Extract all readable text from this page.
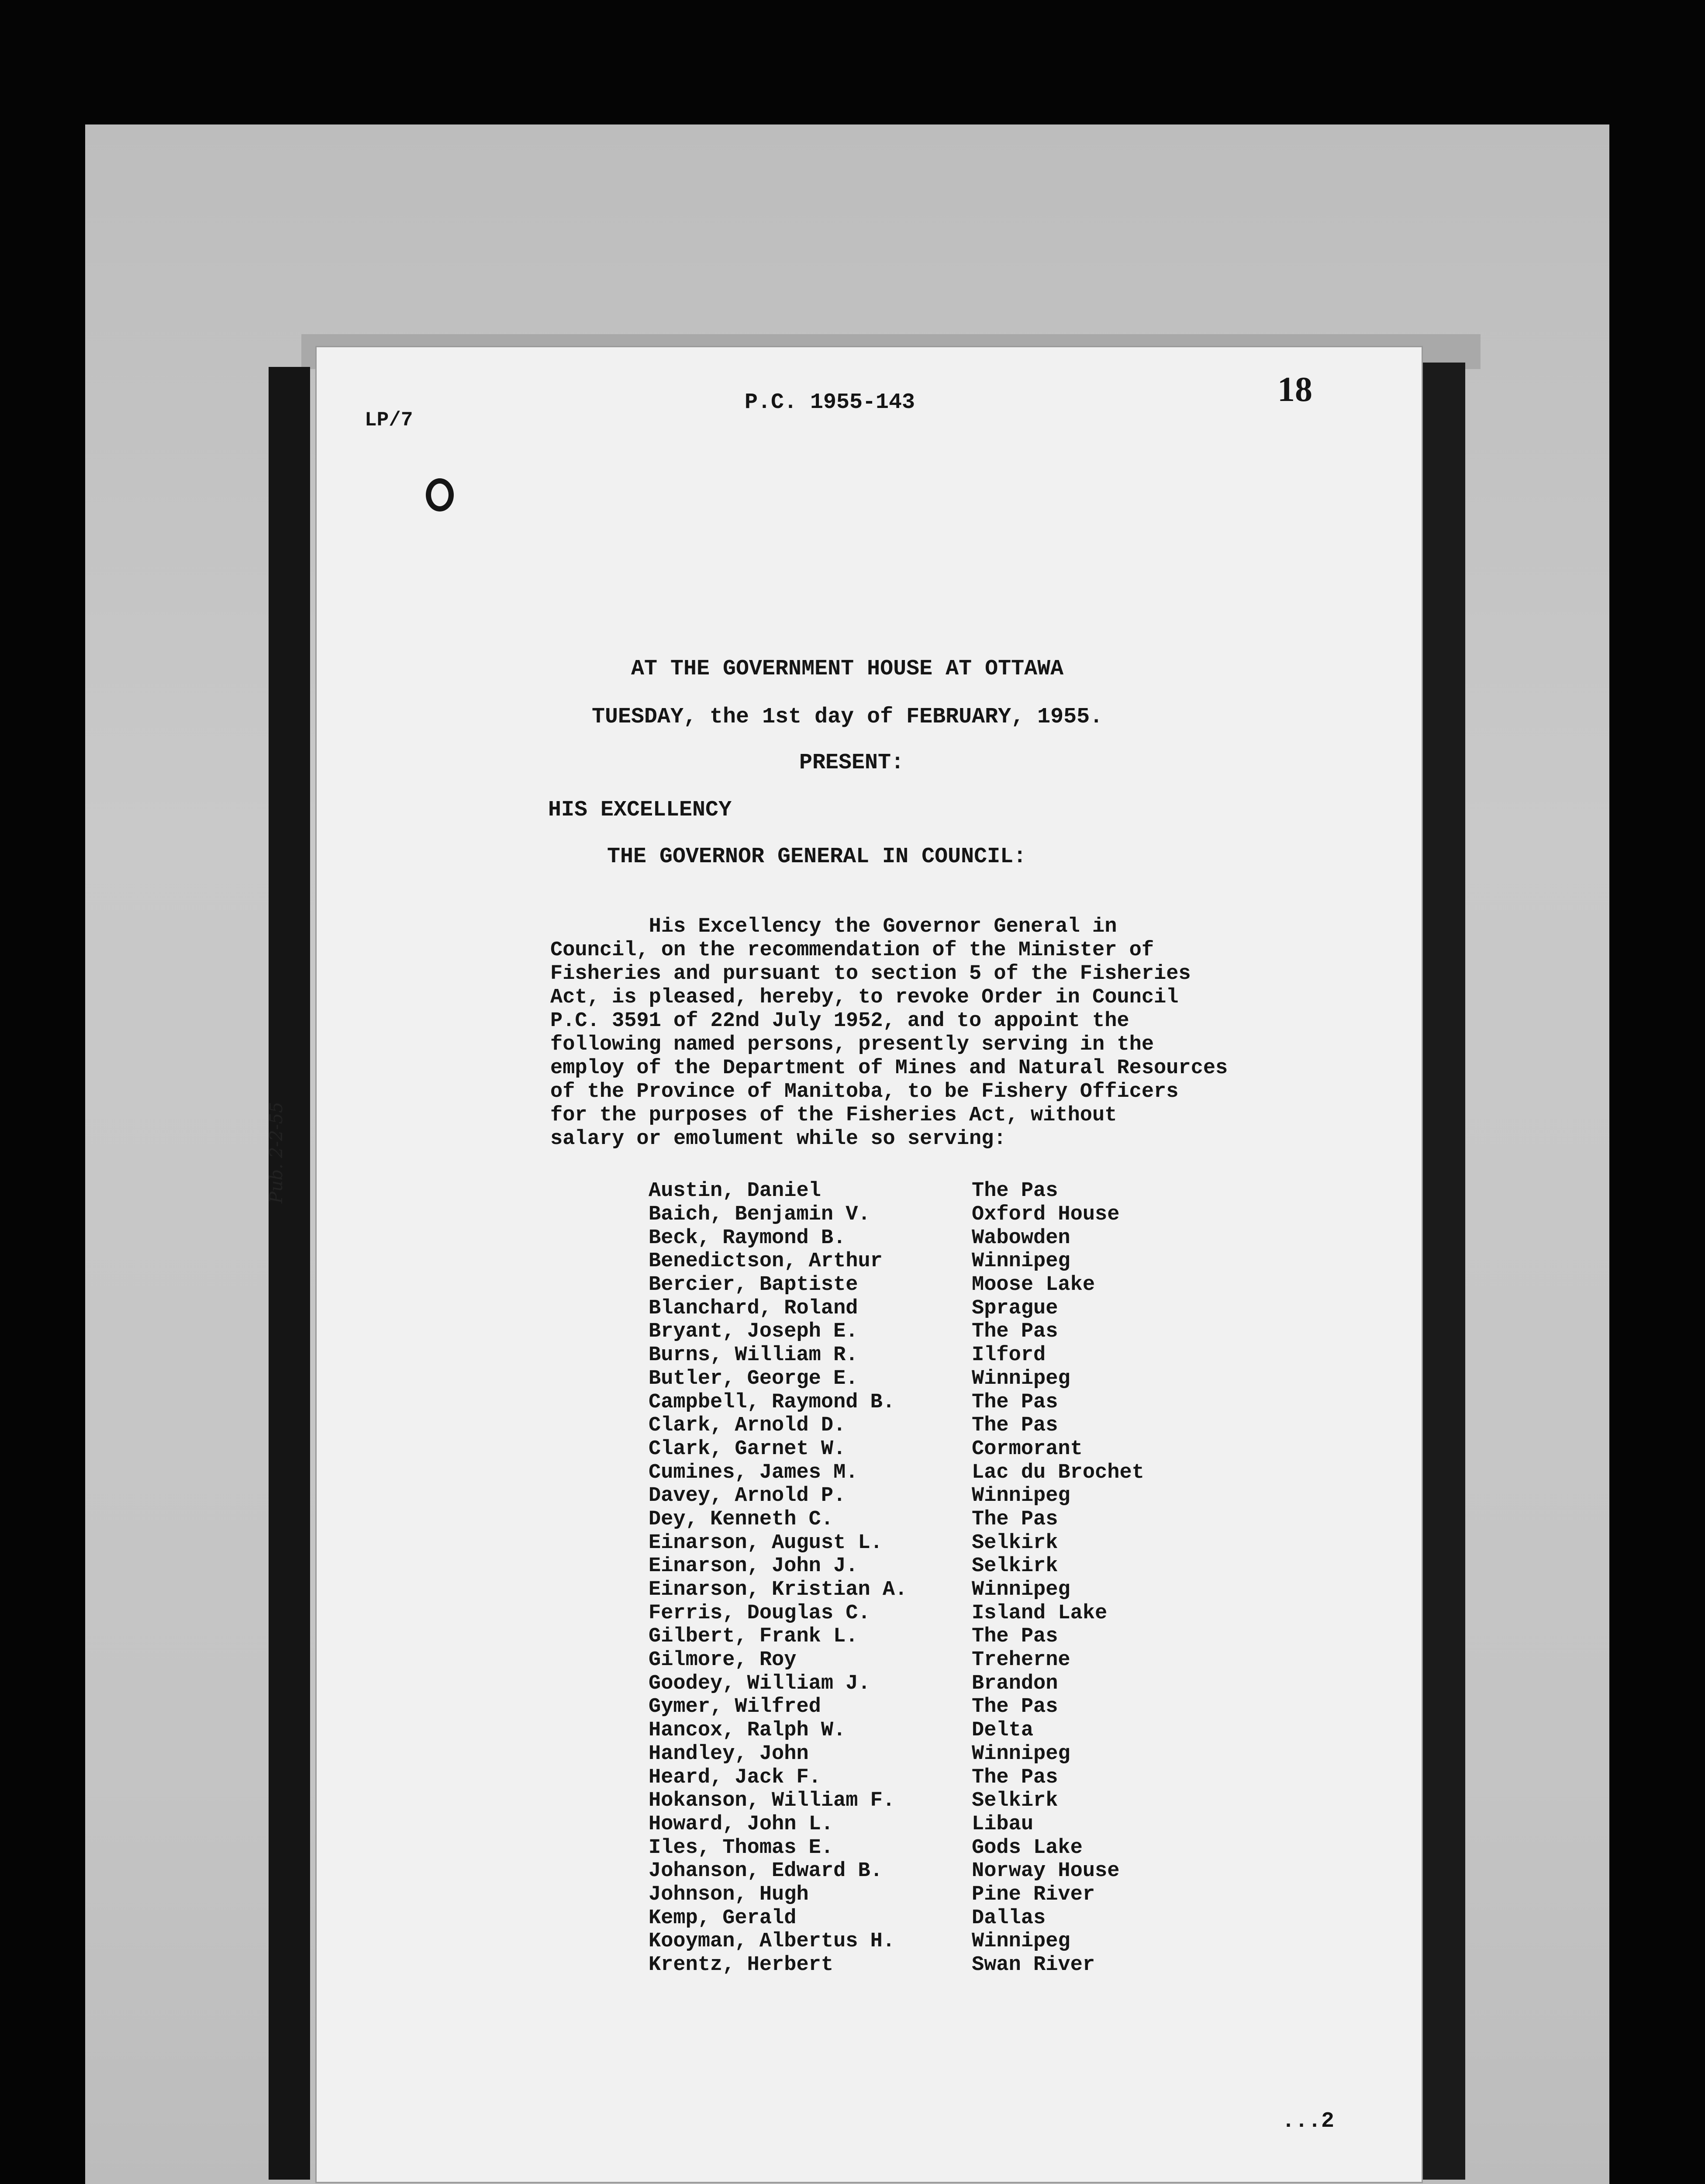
LP/7
P.C. 1955-143	18
Pub. 2-2-55
AT THE GOVERNMENT HOUSE AT OTTAWA
TUESDAY, the 1st day of FEBRUARY, 1955.
PRESENT:
HIS EXCELLENCY
THE GOVERNOR GENERAL IN COUNCIL:
His Excellency the Governor General in
Council, on the recommendation of the Minister of
Fisheries and pursuant to section 5 of the Fisheries
Act, is pleased, hereby, to revoke Order in Council
P.C. 3591 of 22nd July 1952, and to appoint the
following named persons, presently serving in the
employ of the Department of Mines and Natural Resources
of the Province of Manitoba, to be Fishery Officers
for the purposes of the Fisheries Act, without
salary or emolument while so serving:
Austin, Daniel	The Pas
Baich, Benjamin V.	Oxford House
Beck, Raymond B.	Wabowden
Benedictson, Arthur	Winnipeg
Bercier, Baptiste	Moose Lake
Blanchard, Roland	Sprague
Bryant, Joseph E.	The Pas
Burns, William R.	Ilford
Butler, George E.	Winnipeg
Campbell, Raymond B.	The Pas
Clark, Arnold D.	The Pas
Clark, Garnet W.	Cormorant
Cumines, James M.	Lac du Brochet
Davey, Arnold P.	Winnipeg
Dey, Kenneth C.	The Pas
Einarson, August L.	Selkirk
Einarson, John J.	Selkirk
Einarson, Kristian A.	Winnipeg
Ferris, Douglas C.	Island Lake
Gilbert, Frank L.	The Pas
Gilmore, Roy	Treherne
Goodey, William J.	Brandon
Gymer, Wilfred	The Pas
Hancox, Ralph W.	Delta
Handley, John	Winnipeg
Heard, Jack F.	The Pas
Hokanson, William F.	Selkirk
Howard, John L.	Libau
Iles, Thomas E.	Gods Lake
Johanson, Edward B.	Norway House
Johnson, Hugh	Pine River
Kemp, Gerald	Dallas
Kooyman, Albertus H.	Winnipeg
Krentz, Herbert	Swan River
...2
